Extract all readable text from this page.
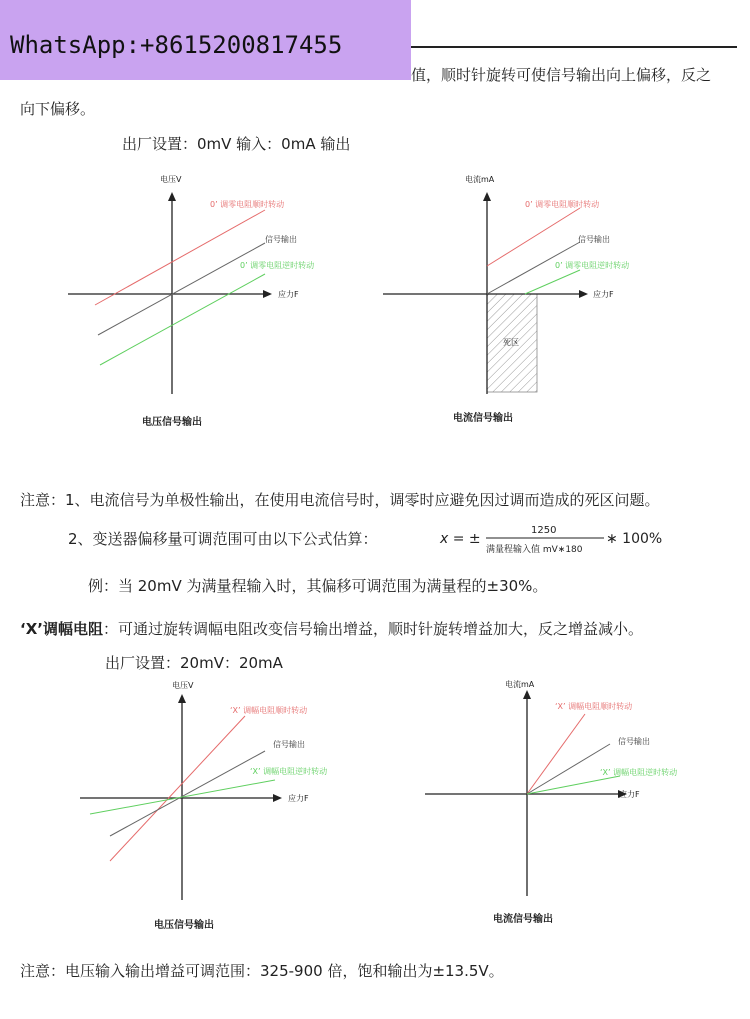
WhatsApp:+8615200817455
值，顺时针旋转可使信号输出向上偏移，反之
向下偏移。
出厂设置：0mV 输入：0mA 输出
电压V
应力F
0’ 调零电阻顺时转动
信号输出
0’ 调零电阻逆时转动
电压信号输出
电流mA
应力F
0’ 调零电阻顺时转动
信号输出
0’ 调零电阻逆时转动
死区
电流信号输出
注意：1、电流信号为单极性输出，在使用电流信号时，调零时应避免因过调而造成的死区问题。
2、变送器偏移量可调范围可由以下公式估算：	x = ±
1250
满量程输入值 mV∗180
∗ 100%
例：当 20mV 为满量程输入时，其偏移可调范围为满量程的±30%。
‘X’调幅电阻：可通过旋转调幅电阻改变信号输出增益，顺时针旋转增益加大，反之增益减小。
出厂设置：20mV：20mA
电压V
应力F
‘X’ 调幅电阻顺时转动
信号输出
‘X’ 调幅电阻逆时转动
电压信号输出
电流mA
应力F
‘X’ 调幅电阻顺时转动
信号输出
‘X’ 调幅电阻逆时转动
电流信号输出
注意：电压输入输出增益可调范围：325-900 倍，饱和输出为±13.5V。
